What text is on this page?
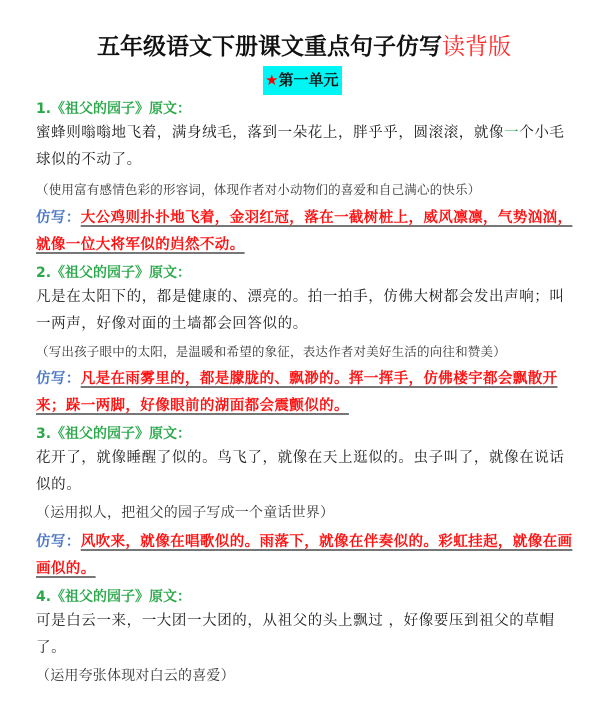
五年级语文下册课文重点句子仿写读背版
★第一单元
1.《祖父的园子》原文：
蜜蜂则嗡嗡地飞着，满身绒毛，落到一朵花上，胖乎乎，圆滚滚，就像一个小毛球似的不动了。
（使用富有感情色彩的形容词，体现作者对小动物们的喜爱和自己满心的快乐）
仿写：大公鸡则扑扑地飞着，金羽红冠，落在一截树桩上，威风凛凛，气势汹汹，就像一位大将军似的岿然不动。
2.《祖父的园子》原文：
凡是在太阳下的，都是健康的、漂亮的。拍一拍手，仿佛大树都会发出声响；叫一两声，好像对面的土墙都会回答似的。
（写出孩子眼中的太阳，是温暖和希望的象征，表达作者对美好生活的向往和赞美）
仿写：凡是在雨雾里的，都是朦胧的、飘渺的。挥一挥手，仿佛楼宇都会飘散开来；跺一两脚，好像眼前的湖面都会震颤似的。
3.《祖父的园子》原文：
花开了，就像睡醒了似的。鸟飞了，就像在天上逛似的。虫子叫了，就像在说话似的。
（运用拟人，把祖父的园子写成一个童话世界）
仿写：风吹来，就像在唱歌似的。雨落下，就像在伴奏似的。彩虹挂起，就像在画画似的。
4.《祖父的园子》原文：
可是白云一来，一大团一大团的，从祖父的头上飘过 ，好像要压到祖父的草帽了。
（运用夸张体现对白云的喜爱）
